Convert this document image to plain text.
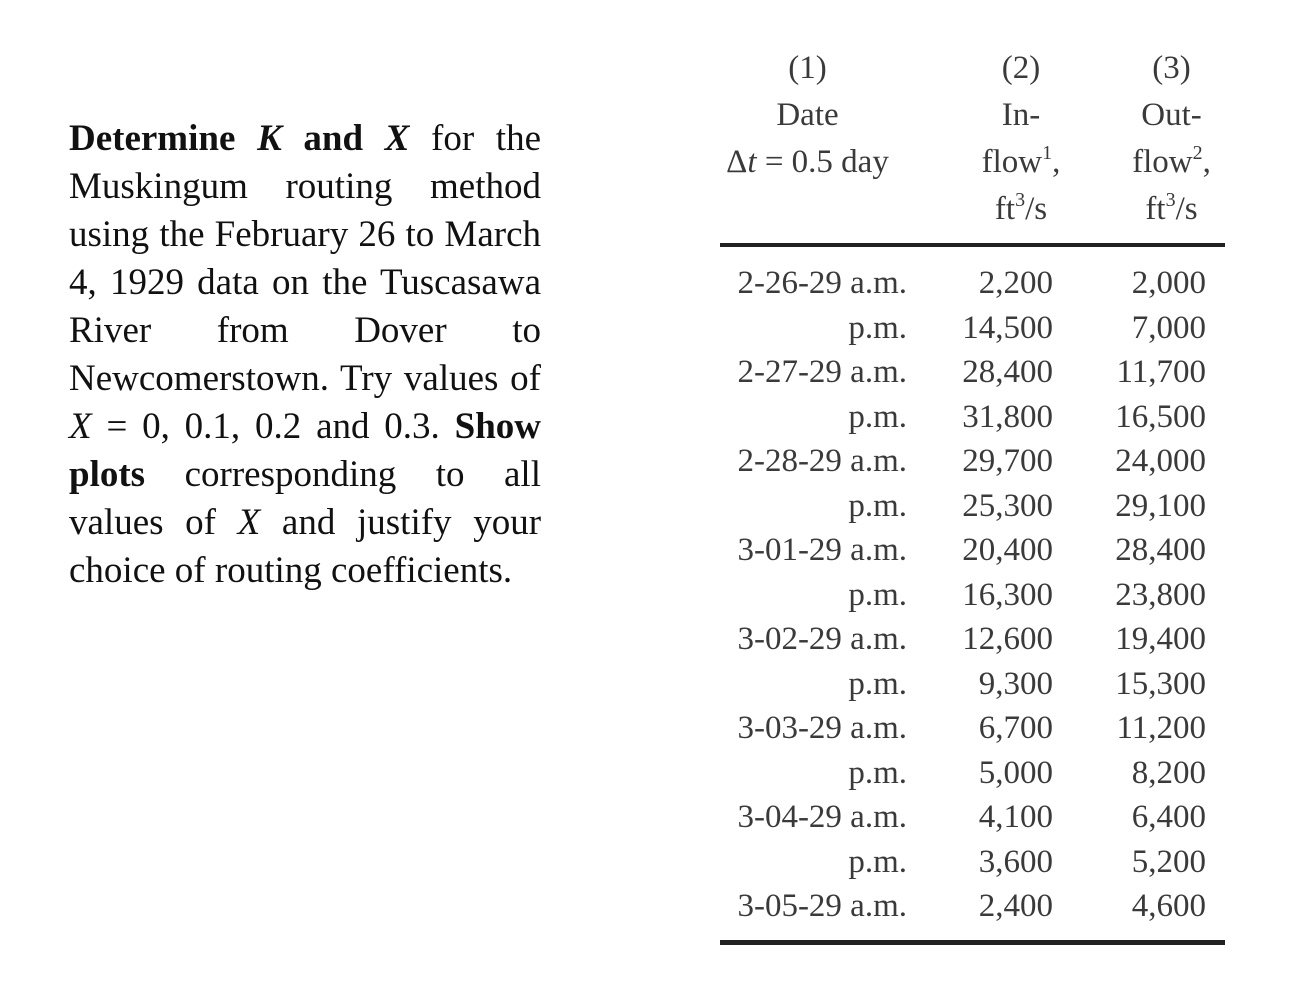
Determine K and X for the Muskingum routing method using the February 26 to March 4, 1929 data on the Tuscasawa River from Dover to Newcomerstown. Try values of X = 0, 0.1, 0.2 and 0.3. Show plots corresponding to all values of X and justify your choice of routing coefficients.
(1)
Date
Δt = 0.5 day
(2)
In-
flow$^1$,
$ft^3/s$
(3)
Out-
flow$^2$,
$ft^3/s$
2-26-29 a.m. 2,200 2,000
p.m. 14,500 7,000
2-27-29 a.m. 28,400 11,700
p.m. 31,800 16,500
2-28-29 a.m. 29,700 24,000
p.m. 25,300 29,100
3-01-29 a.m. 20,400 28,400
p.m. 16,300 23,800
3-02-29 a.m. 12,600 19,400
p.m. 9,300 15,300
3-03-29 a.m. 6,700 11,200
p.m. 5,000 8,200
3-04-29 a.m. 4,100 6,400
p.m. 3,600 5,200
3-05-29 a.m. 2,400 4,600
